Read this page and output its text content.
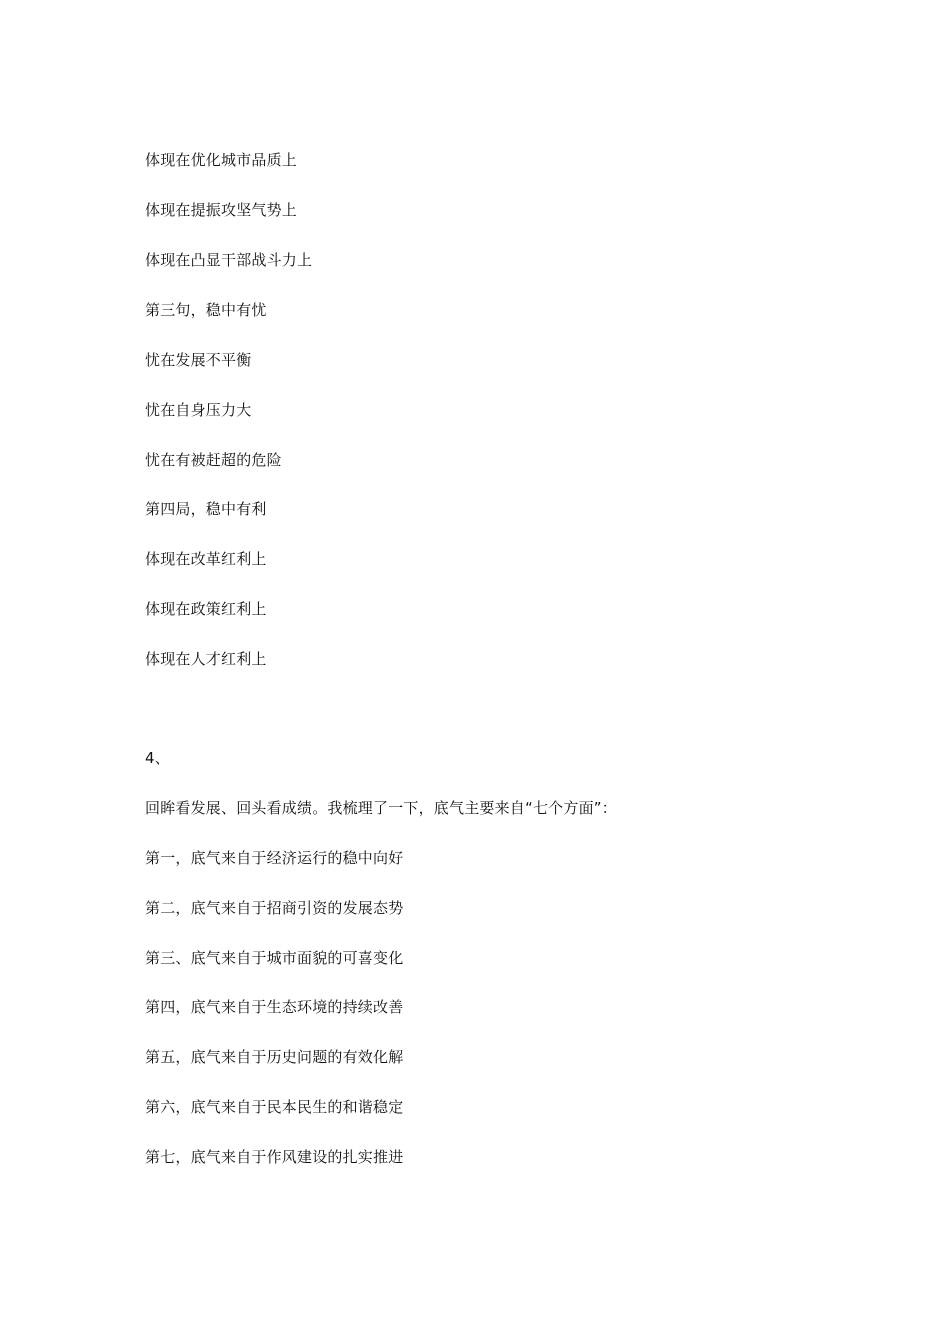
体现在优化城市品质上
体现在提振攻坚气势上
体现在凸显干部战斗力上
第三句，稳中有忧
忧在发展不平衡
忧在自身压力大
忧在有被赶超的危险
第四局，稳中有利
体现在改革红利上
体现在政策红利上
体现在人才红利上
4、
回眸看发展、回头看成绩。我梳理了一下，底气主要来自“七个方面”：
第一，底气来自于经济运行的稳中向好
第二，底气来自于招商引资的发展态势
第三、底气来自于城市面貌的可喜变化
第四，底气来自于生态环境的持续改善
第五，底气来自于历史问题的有效化解
第六，底气来自于民本民生的和谐稳定
第七，底气来自于作风建设的扎实推进
